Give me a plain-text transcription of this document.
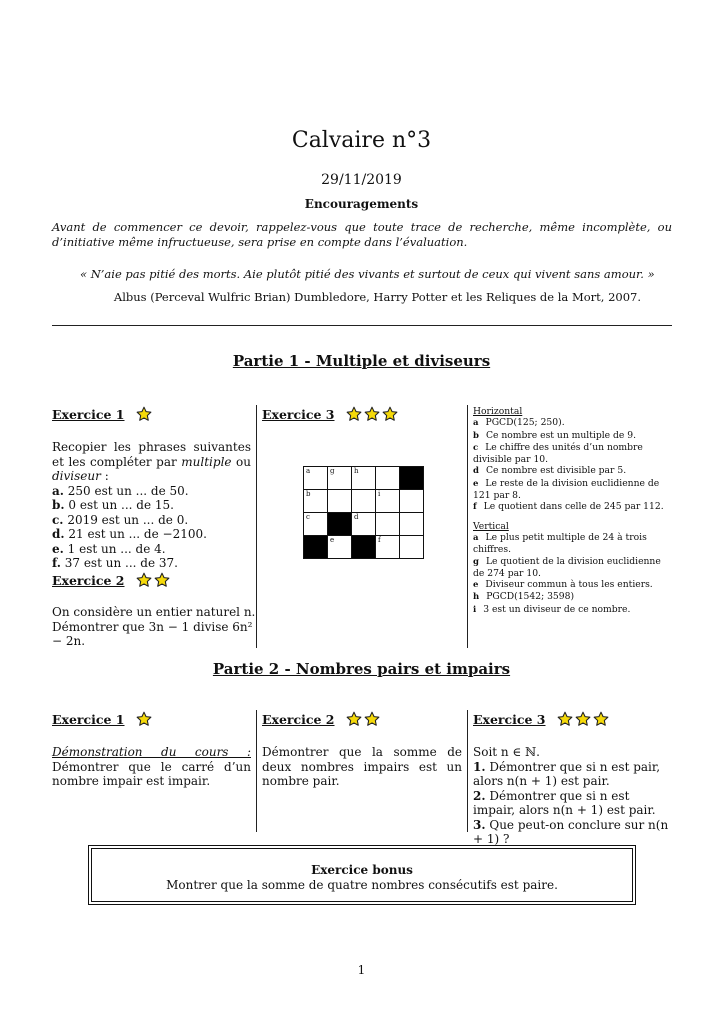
Calvaire n°3
29/11/2019
Encouragements
Avant de commencer ce devoir, rappelez-vous que toute trace de recherche, même incomplète, ou d’initiative même infructueuse, sera prise en compte dans l’évaluation.
« N’aie pas pitié des morts. Aie plutôt pitié des vivants et surtout de ceux qui vivent sans amour. »
Albus (Perceval Wulfric Brian) Dumbledore, Harry Potter et les Reliques de la Mort, 2007.
Partie 1 - Multiple et diviseurs
Exercice 1
Recopier les phrases suivantes et les compléter par multiple ou diviseur :
a. 250 est un ... de 50.
b. 0 est un ... de 15.
c. 2019 est un ... de 0.
d. 21 est un ... de −2100.
e. 1 est un ... de 4.
f. 37 est un ... de 37.
Exercice 2
On considère un entier naturel n.
Démontrer que 3n − 1 divise 6n² − 2n.
Exercice 3
a	g	h		

b			i	

c		d		

	e		f	

Horizontal
a PGCD(125; 250).
b Ce nombre est un multiple de 9.
c Le chiffre des unités d’un nombre divisible par 10.
d Ce nombre est divisible par 5.
e Le reste de la division euclidienne de 121 par 8.
f Le quotient dans celle de 245 par 112.
Vertical
a Le plus petit multiple de 24 à trois chiffres.
g Le quotient de la division euclidienne de 274 par 10.
e Diviseur commun à tous les entiers.
h PGCD(1542; 3598)
i 3 est un diviseur de ce nombre.
Partie 2 - Nombres pairs et impairs
Exercice 1
Démonstration du cours : Démontrer que le carré d’un nombre impair est impair.
Exercice 2
Démontrer que la somme de deux nombres impairs est un nombre pair.
Exercice 3
Soit n ∈ ℕ.
1. Démontrer que si n est pair, alors n(n + 1) est pair.
2. Démontrer que si n est impair, alors n(n + 1) est pair.
3. Que peut-on conclure sur n(n + 1) ?
Exercice bonus
Montrer que la somme de quatre nombres consécutifs est paire.
1
